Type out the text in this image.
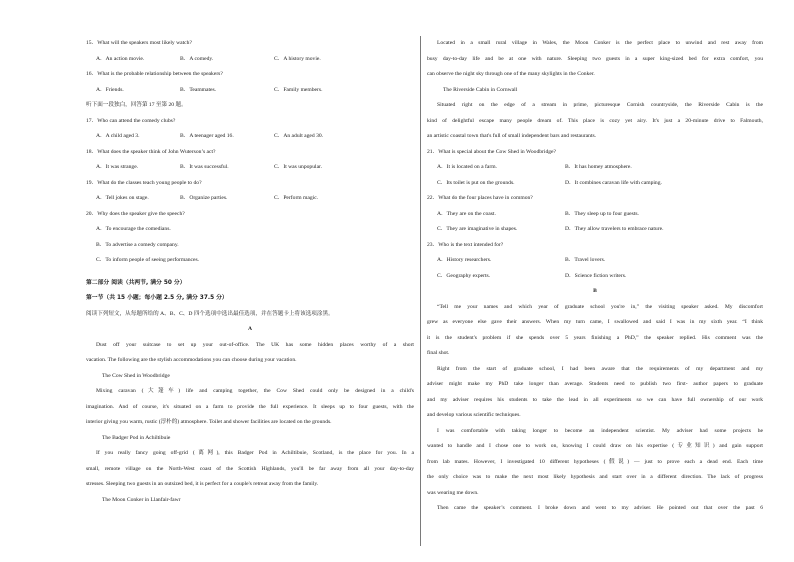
15．What will the speakers most likely watch?
A．An action movie.	B．A comedy.	C．A history movie.
16．What is the probable relationship between the speakers?
A．Friends.	B．Teammates.	C．Family members.
听下面一段独白，回答第 17 至第 20 题。
17．Who can attend the comedy clubs?
A．A child aged 3.	B．A teenager aged 16.	C．An adult aged 30.
18．What does the speaker think of John Wuterson’s act?
A．It was strange.	B．It was successful.	C．It was unpopular.
19．What do the classes teach young people to do?
A．Tell jokes on stage.	B．Organize parties.	C．Perform magic.
20．Why does the speaker give the speech?
A．To encourage the comedians.
B．To advertise a comedy company.
C．To inform people of seeing performances.
第二部分 阅读（共两节, 满分 50 分）
第一节（共 15 小题；每小题 2.5 分, 满分 37.5 分）
阅读下列短文，从每题所给的 A、B、C、D 四个选项中选出最佳选项，并在答题卡上将该选项涂黑。
A
Dust off your suitcase to set up your out-of-office. The UK has some hidden places worthy of a short
vacation. The following are the stylish accommodations you can choose during your vacation.
The Cow Shed in Woodbridge
Mixing caravan (大篷车) life and camping together, the Cow Shed could only be designed in a child's
imagination. And of course, it's situated on a farm to provide the full experience. It sleeps up to four guests, with the
interior giving you warm, rustic (淳朴的) atmosphere. Toilet and shower facilities are located on the grounds.
The Badger Pod in Achiltibuie
If you really fancy going off-grid (离网), this Badger Pod in Achiltibuie, Scotland, is the place for you. In a
small, remote village on the North-West coast of the Scottish Highlands, you'll be far away from all your day-to-day
stresses. Sleeping two guests in an outsized bed, it is perfect for a couple's retreat away from the family.
The Moon Conker in Llanfair-fawr
Located in a small rural village in Wales, the Moon Conker is the perfect place to unwind and rest away from
busy day-to-day life and be at one with nature. Sleeping two guests in a super king-sized bed for extra comfort, you
can observe the night sky through one of the many skylights in the Conker.
The Riverside Cabin in Cornwall
Situated right on the edge of a stream in prime, picturesque Cornish countryside, the Riverside Cabin is the
kind of delightful escape many people dream of. This place is cozy yet airy. It's just a 20-minute drive to Falmouth,
an artistic coastal town that's full of small independent bars and restaurants.
21．What is special about the Cow Shed in Woodbridge?
A．It is located on a farm.	B．It has homey atmosphere.
C．Its toilet is put on the grounds.	D．It combines caravan life with camping.
22．What do the four places have in common?
A．They are on the coast.	B．They sleep up to four guests.
C．They are imaginative in shapes.	D．They allow travelers to embrace nature.
23．Who is the text intended for?
A．History researchers.	B．Travel lovers.
C．Geography experts.	D．Science fiction writers.
B
“Tell me your names and which year of graduate school you're in,” the visiting speaker asked. My discomfort
grew as everyone else gave their answers. When my turn came, I swallowed and said I was in my sixth year. “I think
it is the student's problem if she spends over 5 years finishing a PhD,” the speaker replied. His comment was the
final shot.
Right from the start of graduate school, I had been aware that the requirements of my department and my
adviser might make my PhD take longer than average. Students need to publish two first- author papers to graduate
and my adviser requires his students to take the lead in all experiments so we can have full ownership of our work
and develop various scientific techniques.
I was comfortable with taking longer to become an independent scientist. My adviser had some projects he
wanted to handle and I chose one to work on, knowing I could draw on his expertise (专业知识) and gain support
from lab mates. However, I investigated 10 different hypotheses (假说) — just to prove each a dead end. Each time
the only choice was to make the next most likely hypothesis and start over in a different direction. The lack of progress
was wearing me down.
Then came the speaker’s comment. I broke down and went to my adviser. He pointed out that over the past 6
